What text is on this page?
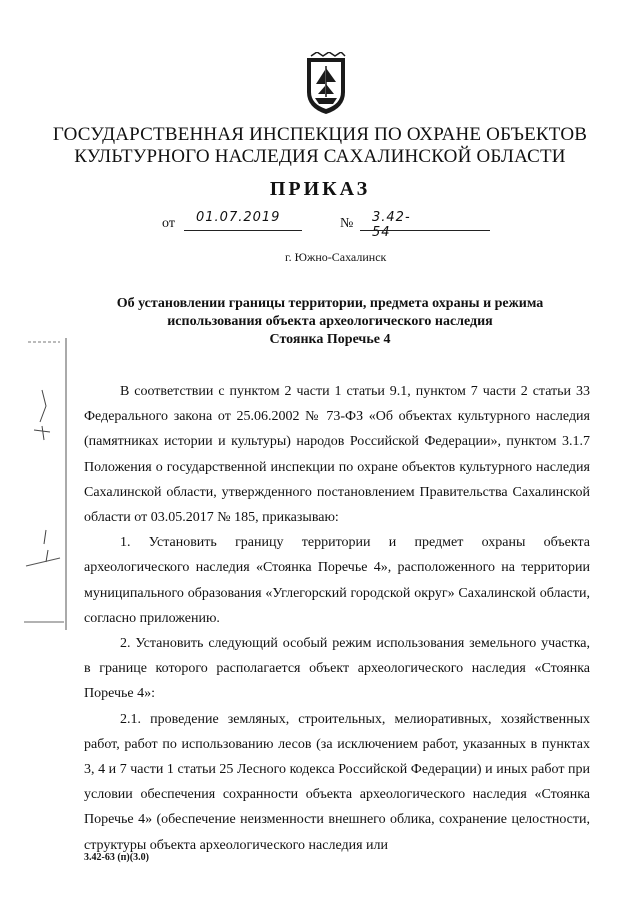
ГОСУДАРСТВЕННАЯ ИНСПЕКЦИЯ ПО ОХРАНЕ ОБЪЕКТОВ
КУЛЬТУРНОГО НАСЛЕДИЯ САХАЛИНСКОЙ ОБЛАСТИ
ПРИКАЗ
от 01.07.2019	№ 3.42-54
г. Южно-Сахалинск
Об установлении границы территории, предмета охраны и режима
использования объекта археологического наследия
Стоянка Поречье 4

В соответствии с пунктом 2 части 1 статьи 9.1, пунктом 7 части 2 статьи 33 Федерального закона от 25.06.2002 № 73-ФЗ «Об объектах культурного наследия (памятниках истории и культуры) народов Российской Федерации», пунктом 3.1.7 Положения о государственной инспекции по охране объектов культурного наследия Сахалинской области, утвержденного постановлением Правительства Сахалинской области от 03.05.2017 № 185, приказываю:

1. Установить границу территории и предмет охраны объекта археологического наследия «Стоянка Поречье 4», расположенного на территории муниципального образования «Углегорский городской округ» Сахалинской области, согласно приложению.

2. Установить следующий особый режим использования земельного участка, в границе которого располагается объект археологического наследия «Стоянка Поречье 4»:

2.1. проведение земляных, строительных, мелиоративных, хозяйственных работ, работ по использованию лесов (за исключением работ, указанных в пунктах 3, 4 и 7 части 1 статьи 25 Лесного кодекса Российской Федерации) и иных работ при условии обеспечения сохранности объекта археологического наследия «Стоянка Поречье 4» (обеспечение неизменности внешнего облика, сохранение целостности, структуры объекта археологического наследия или

3.42-63 (п)(3.0)
